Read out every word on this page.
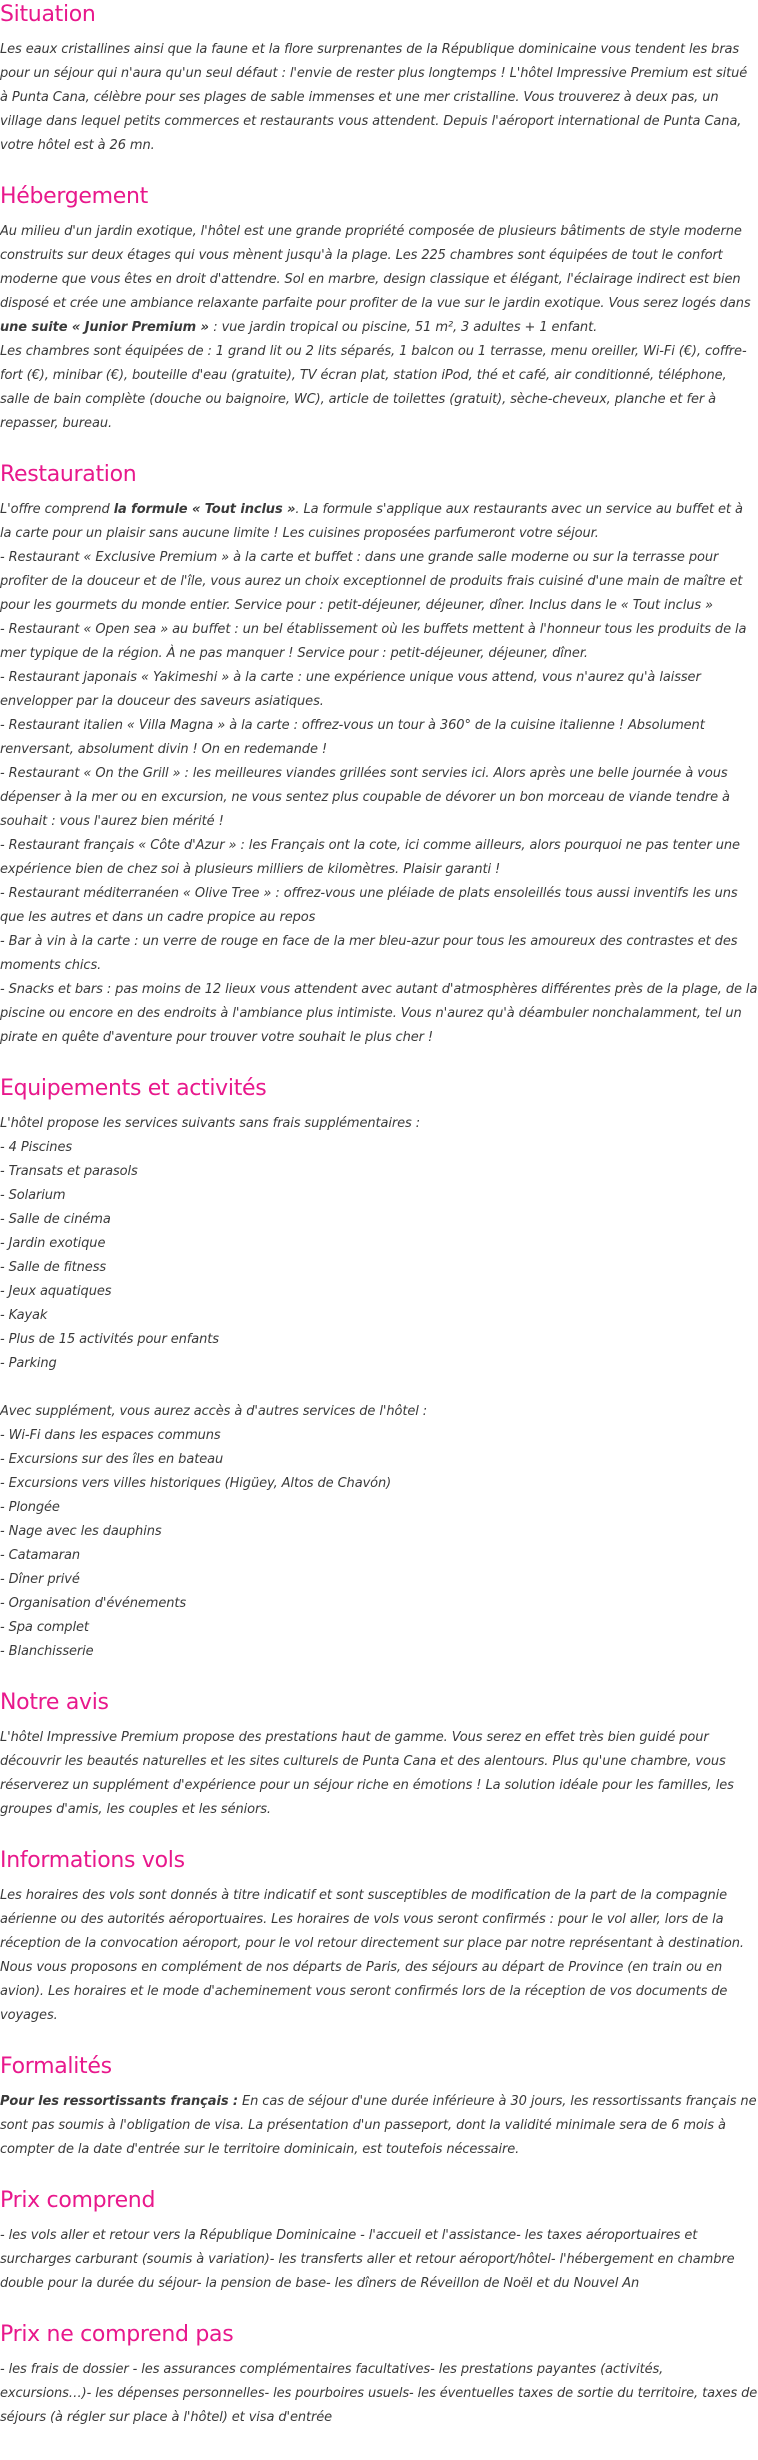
Situation

Les eaux cristallines ainsi que la faune et la flore surprenantes de la République dominicaine vous tendent les bras pour un séjour qui n'aura qu'un seul défaut : l'envie de rester plus longtemps ! L'hôtel Impressive Premium est situé à Punta Cana, célèbre pour ses plages de sable immenses et une mer cristalline. Vous trouverez à deux pas, un village dans lequel petits commerces et restaurants vous attendent. Depuis l'aéroport international de Punta Cana, votre hôtel est à 26 mn.

Hébergement

Au milieu d'un jardin exotique, l'hôtel est une grande propriété composée de plusieurs bâtiments de style moderne construits sur deux étages qui vous mènent jusqu'à la plage. Les 225 chambres sont équipées de tout le confort moderne que vous êtes en droit d'attendre. Sol en marbre, design classique et élégant, l'éclairage indirect est bien disposé et crée une ambiance relaxante parfaite pour profiter de la vue sur le jardin exotique. Vous serez logés dans une suite « Junior Premium » : vue jardin tropical ou piscine, 51 m², 3 adultes + 1 enfant.

Les chambres sont équipées de : 1 grand lit ou 2 lits séparés, 1 balcon ou 1 terrasse, menu oreiller, Wi-Fi (€), coffre-fort (€), minibar (€), bouteille d'eau (gratuite), TV écran plat, station iPod, thé et café, air conditionné, téléphone, salle de bain complète (douche ou baignoire, WC), article de toilettes (gratuit), sèche-cheveux, planche et fer à repasser, bureau.

Restauration

L'offre comprend la formule « Tout inclus ». La formule s'applique aux restaurants avec un service au buffet et à la carte pour un plaisir sans aucune limite ! Les cuisines proposées parfumeront votre séjour.

- Restaurant « Exclusive Premium » à la carte et buffet : dans une grande salle moderne ou sur la terrasse pour profiter de la douceur et de l'île, vous aurez un choix exceptionnel de produits frais cuisiné d'une main de maître et pour les gourmets du monde entier. Service pour : petit-déjeuner, déjeuner, dîner. Inclus dans le « Tout inclus »
- Restaurant « Open sea » au buffet : un bel établissement où les buffets mettent à l'honneur tous les produits de la mer typique de la région. À ne pas manquer ! Service pour : petit-déjeuner, déjeuner, dîner.
- Restaurant japonais « Yakimeshi » à la carte : une expérience unique vous attend, vous n'aurez qu'à laisser envelopper par la douceur des saveurs asiatiques.
- Restaurant italien « Villa Magna » à la carte : offrez-vous un tour à 360° de la cuisine italienne ! Absolument renversant, absolument divin ! On en redemande !
- Restaurant « On the Grill » : les meilleures viandes grillées sont servies ici. Alors après une belle journée à vous dépenser à la mer ou en excursion, ne vous sentez plus coupable de dévorer un bon morceau de viande tendre à souhait : vous l'aurez bien mérité !
- Restaurant français « Côte d'Azur » : les Français ont la cote, ici comme ailleurs, alors pourquoi ne pas tenter une expérience bien de chez soi à plusieurs milliers de kilomètres. Plaisir garanti !
- Restaurant méditerranéen « Olive Tree » : offrez-vous une pléiade de plats ensoleillés tous aussi inventifs les uns que les autres et dans un cadre propice au repos
- Bar à vin à la carte : un verre de rouge en face de la mer bleu-azur pour tous les amoureux des contrastes et des moments chics.
- Snacks et bars : pas moins de 12 lieux vous attendent avec autant d'atmosphères différentes près de la plage, de la piscine ou encore en des endroits à l'ambiance plus intimiste. Vous n'aurez qu'à déambuler nonchalamment, tel un pirate en quête d'aventure pour trouver votre souhait le plus cher !
Equipements et activités

L'hôtel propose les services suivants sans frais supplémentaires :

- 4 Piscines
- Transats et parasols
- Solarium
- Salle de cinéma
- Jardin exotique
- Salle de fitness
- Jeux aquatiques
- Kayak
- Plus de 15 activités pour enfants
- Parking

Avec supplément, vous aurez accès à d'autres services de l'hôtel :

- Wi-Fi dans les espaces communs
- Excursions sur des îles en bateau
- Excursions vers villes historiques (Higüey, Altos de Chavón)
- Plongée
- Nage avec les dauphins
- Catamaran
- Dîner privé
- Organisation d'événements
- Spa complet
- Blanchisserie
Notre avis

L'hôtel Impressive Premium propose des prestations haut de gamme. Vous serez en effet très bien guidé pour découvrir les beautés naturelles et les sites culturels de Punta Cana et des alentours. Plus qu'une chambre, vous réserverez un supplément d'expérience pour un séjour riche en émotions ! La solution idéale pour les familles, les groupes d'amis, les couples et les séniors.

Informations vols

Les horaires des vols sont donnés à titre indicatif et sont susceptibles de modification de la part de la compagnie aérienne ou des autorités aéroportuaires. Les horaires de vols vous seront confirmés : pour le vol aller, lors de la réception de la convocation aéroport, pour le vol retour directement sur place par notre représentant à destination. Nous vous proposons en complément de nos départs de Paris, des séjours au départ de Province (en train ou en avion). Les horaires et le mode d'acheminement vous seront confirmés lors de la réception de vos documents de voyages.

Formalités

Pour les ressortissants français : En cas de séjour d'une durée inférieure à 30 jours, les ressortissants français ne sont pas soumis à l'obligation de visa. La présentation d'un passeport, dont la validité minimale sera de 6 mois à compter de la date d'entrée sur le territoire dominicain, est toutefois nécessaire.

Prix comprend

- les vols aller et retour vers la République Dominicaine - l'accueil et l'assistance- les taxes aéroportuaires et surcharges carburant (soumis à variation)- les transferts aller et retour aéroport/hôtel- l'hébergement en chambre double pour la durée du séjour- la pension de base- les dîners de Réveillon de Noël et du Nouvel An

Prix ne comprend pas

- les frais de dossier - les assurances complémentaires facultatives- les prestations payantes (activités, excursions…)- les dépenses personnelles- les pourboires usuels- les éventuelles taxes de sortie du territoire, taxes de séjours (à régler sur place à l'hôtel) et visa d'entrée
